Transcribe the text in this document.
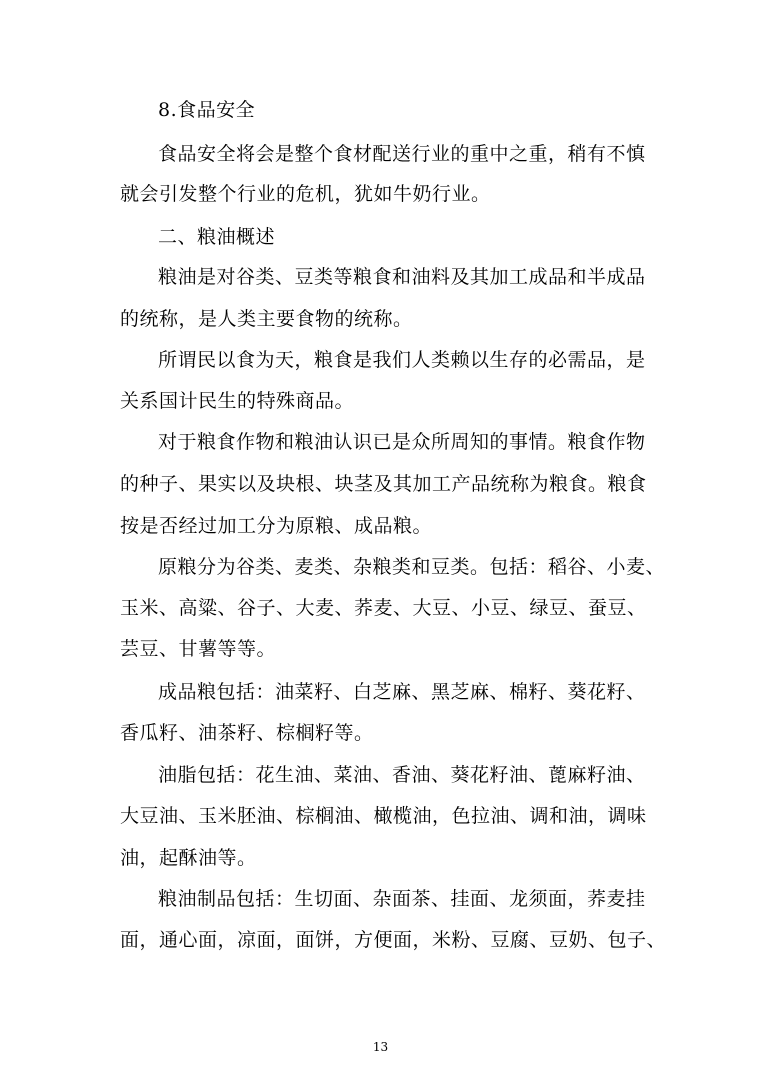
8.食品安全
食品安全将会是整个食材配送行业的重中之重，稍有不慎
就会引发整个行业的危机，犹如牛奶行业。
二、粮油概述
粮油是对谷类、豆类等粮食和油料及其加工成品和半成品
的统称，是人类主要食物的统称。
所谓民以食为天，粮食是我们人类赖以生存的必需品，是
关系国计民生的特殊商品。
对于粮食作物和粮油认识已是众所周知的事情。粮食作物
的种子、果实以及块根、块茎及其加工产品统称为粮食。粮食
按是否经过加工分为原粮、成品粮。
原粮分为谷类、麦类、杂粮类和豆类。包括：稻谷、小麦、
玉米、高粱、谷子、大麦、荞麦、大豆、小豆、绿豆、蚕豆、
芸豆、甘薯等等。
成品粮包括：油菜籽、白芝麻、黑芝麻、棉籽、葵花籽、
香瓜籽、油茶籽、棕榈籽等。
油脂包括：花生油、菜油、香油、葵花籽油、蓖麻籽油、
大豆油、玉米胚油、棕榈油、橄榄油，色拉油、调和油，调味
油，起酥油等。
粮油制品包括：生切面、杂面茶、挂面、龙须面，荞麦挂
面，通心面，凉面，面饼，方便面，米粉、豆腐、豆奶、包子、
13
